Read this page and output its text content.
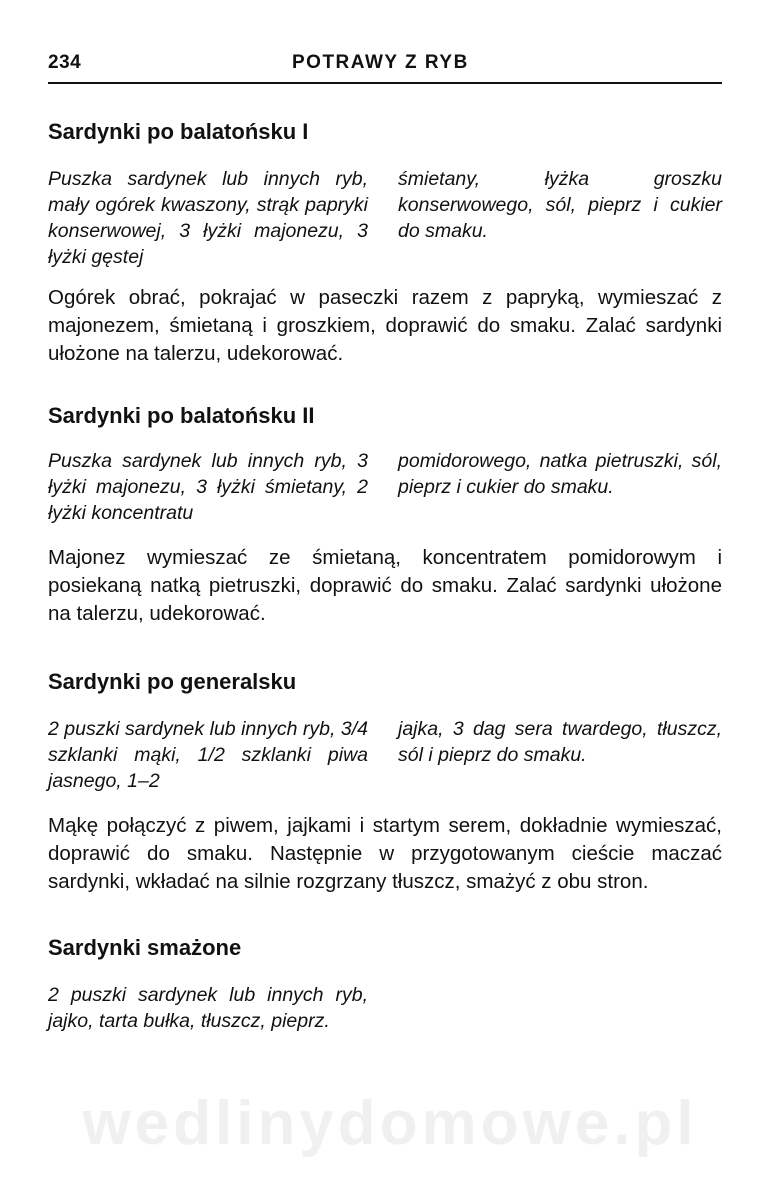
234	POTRAWY Z RYB
Sardynki po balatońsku I

Puszka sardynek lub innych ryb, mały ogórek kwaszony, strąk papryki konserwowej, 3 łyżki majonezu, 3 łyżki gęstej

śmietany, łyżka groszku konserwowego, sól, pieprz i cukier do smaku.

Ogórek obrać, pokrajać w paseczki razem z papryką, wymieszać z majonezem, śmietaną i groszkiem, doprawić do smaku. Zalać sardynki ułożone na talerzu, udekorować.

Sardynki po balatońsku II

Puszka sardynek lub innych ryb, 3 łyżki majonezu, 3 łyżki śmietany, 2 łyżki koncentratu

pomidorowego, natka pietruszki, sól, pieprz i cukier do smaku.

Majonez wymieszać ze śmietaną, koncentratem pomidorowym i posiekaną natką pietruszki, doprawić do smaku. Zalać sardynki ułożone na talerzu, udekorować.

Sardynki po generalsku

2 puszki sardynek lub innych ryb, 3/4 szklanki mąki, 1/2 szklanki piwa jasnego, 1–2

jajka, 3 dag sera twardego, tłuszcz, sól i pieprz do smaku.

Mąkę połączyć z piwem, jajkami i startym serem, dokładnie wymieszać, doprawić do smaku. Następnie w przygotowanym cieście maczać sardynki, wkładać na silnie rozgrzany tłuszcz, smażyć z obu stron.

Sardynki smażone

2 puszki sardynek lub innych ryb, jajko, tarta bułka, tłuszcz, pieprz.

wedlinydomowe.pl
